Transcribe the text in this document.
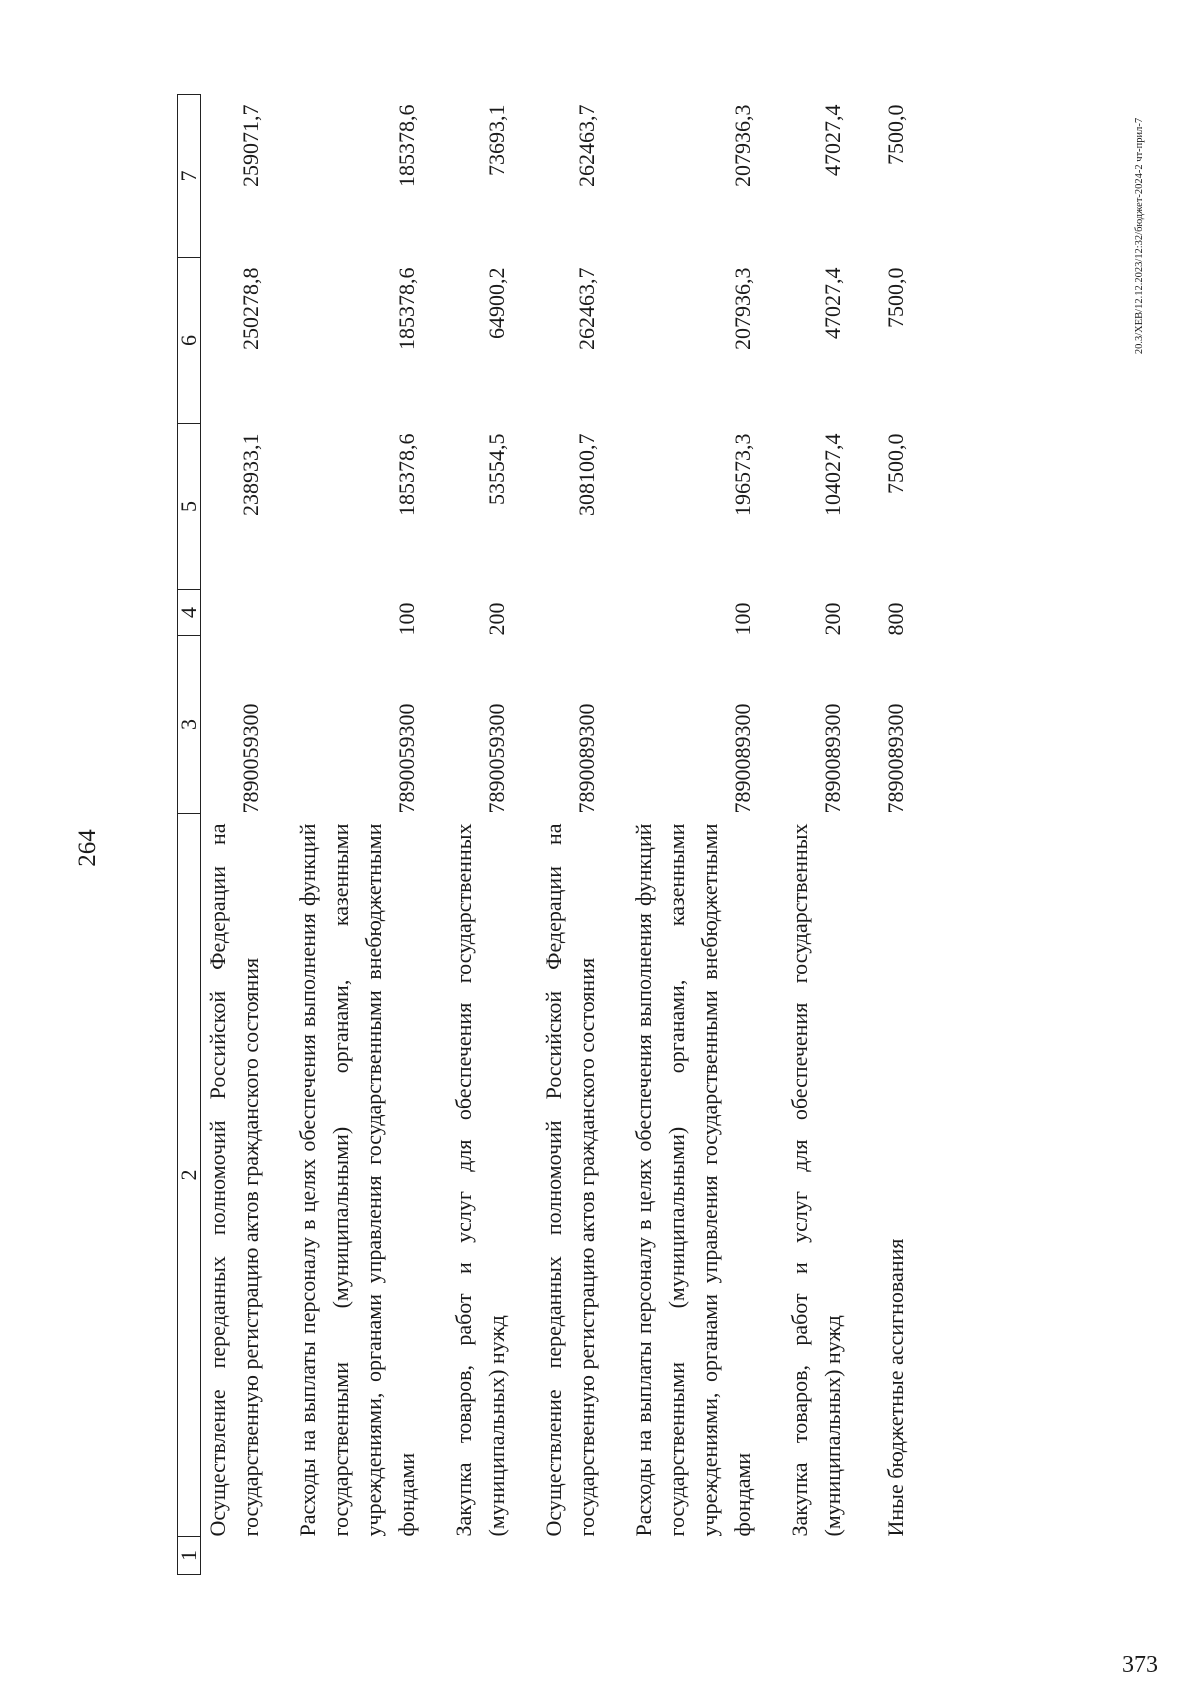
264
1	2	3	4	5	6	7
	Осуществление переданных полномочий Российской Федерации на государственную регистрацию актов гражданского состояния	7890059300		238933,1	250278,8	259071,7

	Расходы на выплаты персоналу в целях обеспечения выполнения функций государственными (муниципальными) органами, казенными учреждениями, органами управления государственными внебюджетными фондами	7890059300	100	185378,6	185378,6	185378,6

	Закупка товаров, работ и услуг для обеспечения государственных (муниципальных) нужд	7890059300	200	53554,5	64900,2	73693,1

	Осуществление переданных полномочий Российской Федерации на государственную регистрацию актов гражданского состояния	7890089300		308100,7	262463,7	262463,7

	Расходы на выплаты персоналу в целях обеспечения выполнения функций государственными (муниципальными) органами, казенными учреждениями, органами управления государственными внебюджетными фондами	7890089300	100	196573,3	207936,3	207936,3

	Закупка товаров, работ и услуг для обеспечения государственных (муниципальных) нужд	7890089300	200	104027,4	47027,4	47027,4
	Иные бюджетные ассигнования	7890089300	800	7500,0	7500,0	7500,0	20.3/ХЕВ/12.12.2023/12:32/бюджет-2024-2 чт-прил-7
373
